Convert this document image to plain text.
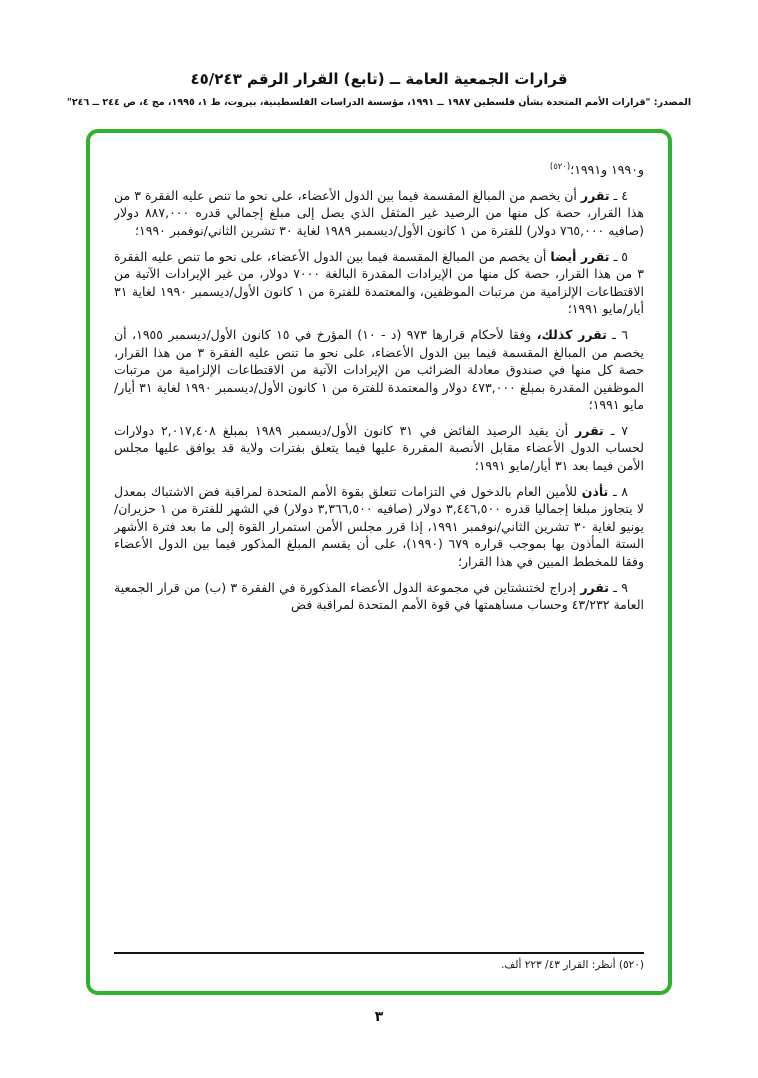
قرارات الجمعية العامة ــ (تابع) القرار الرقم ٤٥/٢٤٣
المصدر: "قرارات الأمم المتحدة بشأن فلسطين ١٩٨٧ ــ ١٩٩١، مؤسسة الدراسات الفلسطينية، بيروت، ط ١، ١٩٩٥، مج ٤، ص ٢٤٤ ــ ٢٤٦"
و١٩٩٠ و١٩٩١؛$^{(٥٢٠)}$

٤ ـ تقرر أن يخصم من المبالغ المقسمة فيما بين الدول الأعضاء، على نحو ما تنص عليه الفقرة ٣ من هذا القرار، حصة كل منها من الرصيد غير المثقل الذي يصل إلى مبلغ إجمالي قدره ٨٨٧,٠٠٠ دولار (صافيه ٧٦٥,٠٠٠ دولار) للفترة من ١ كانون الأول/ديسمبر ١٩٨٩ لغاية ٣٠ تشرين الثاني/نوفمبر ١٩٩٠؛

٥ ـ تقرر أيضا أن يخصم من المبالغ المقسمة فيما بين الدول الأعضاء، على نحو ما تنص عليه الفقرة ٣ من هذا القرار، حصة كل منها من الإيرادات المقدرة البالغة ٧٠٠٠ دولار، من غير الإيرادات الآتية من الاقتطاعات الإلزامية من مرتبات الموظفين، والمعتمدة للفترة من ١ كانون الأول/ديسمبر ١٩٩٠ لغاية ٣١ أيار/مايو ١٩٩١؛

٦ ـ تقرر كذلك، وفقا لأحكام قرارها ٩٧٣ (د - ١٠) المؤرخ في ١٥ كانون الأول/ديسمبر ١٩٥٥، أن يخصم من المبالغ المقسمة فيما بين الدول الأعضاء، على نحو ما تنص عليه الفقرة ٣ من هذا القرار، حصة كل منها في صندوق معادلة الضرائب من الإيرادات الآتية من الاقتطاعات الإلزامية من مرتبات الموظفين المقدرة بمبلغ ٤٧٣,٠٠٠ دولار والمعتمدة للفترة من ١ كانون الأول/ديسمبر ١٩٩٠ لغاية ٣١ أيار/مايو ١٩٩١؛

٧ ـ تقرر أن يقيد الرصيد الفائض في ٣١ كانون الأول/ديسمبر ١٩٨٩ بمبلغ ٢,٠١٧,٤٠٨ دولارات لحساب الدول الأعضاء مقابل الأنصبة المقررة عليها فيما يتعلق بفترات ولاية قد يوافق عليها مجلس الأمن فيما بعد ٣١ أيار/مايو ١٩٩١؛

٨ ـ تأذن للأمين العام بالدخول في التزامات تتعلق بقوة الأمم المتحدة لمراقبة فض الاشتباك بمعدل لا يتجاوز مبلغا إجماليا قدره ٣,٤٤٦,٥٠٠ دولار (صافيه ٣,٣٦٦,٥٠٠ دولار) في الشهر للفترة من ١ حزيران/يونيو لغاية ٣٠ تشرين الثاني/نوفمبر ١٩٩١، إذا قرر مجلس الأمن استمرار القوة إلى ما بعد فترة الأشهر الستة المأذون بها بموجب قراره ٦٧٩ (١٩٩٠)، على أن يقسم المبلغ المذكور فيما بين الدول الأعضاء وفقا للمخطط المبين في هذا القرار؛

٩ ـ تقرر إدراج لختنشتاين في مجموعة الدول الأعضاء المذكورة في الفقرة ٣ (ب) من قرار الجمعية العامة ٤٣/٢٣٢ وحساب مساهمتها في قوة الأمم المتحدة لمراقبة فض

(٥٢٠) أنظر: القرار ٤٣/ ٢٢٣ ألف.
٣
